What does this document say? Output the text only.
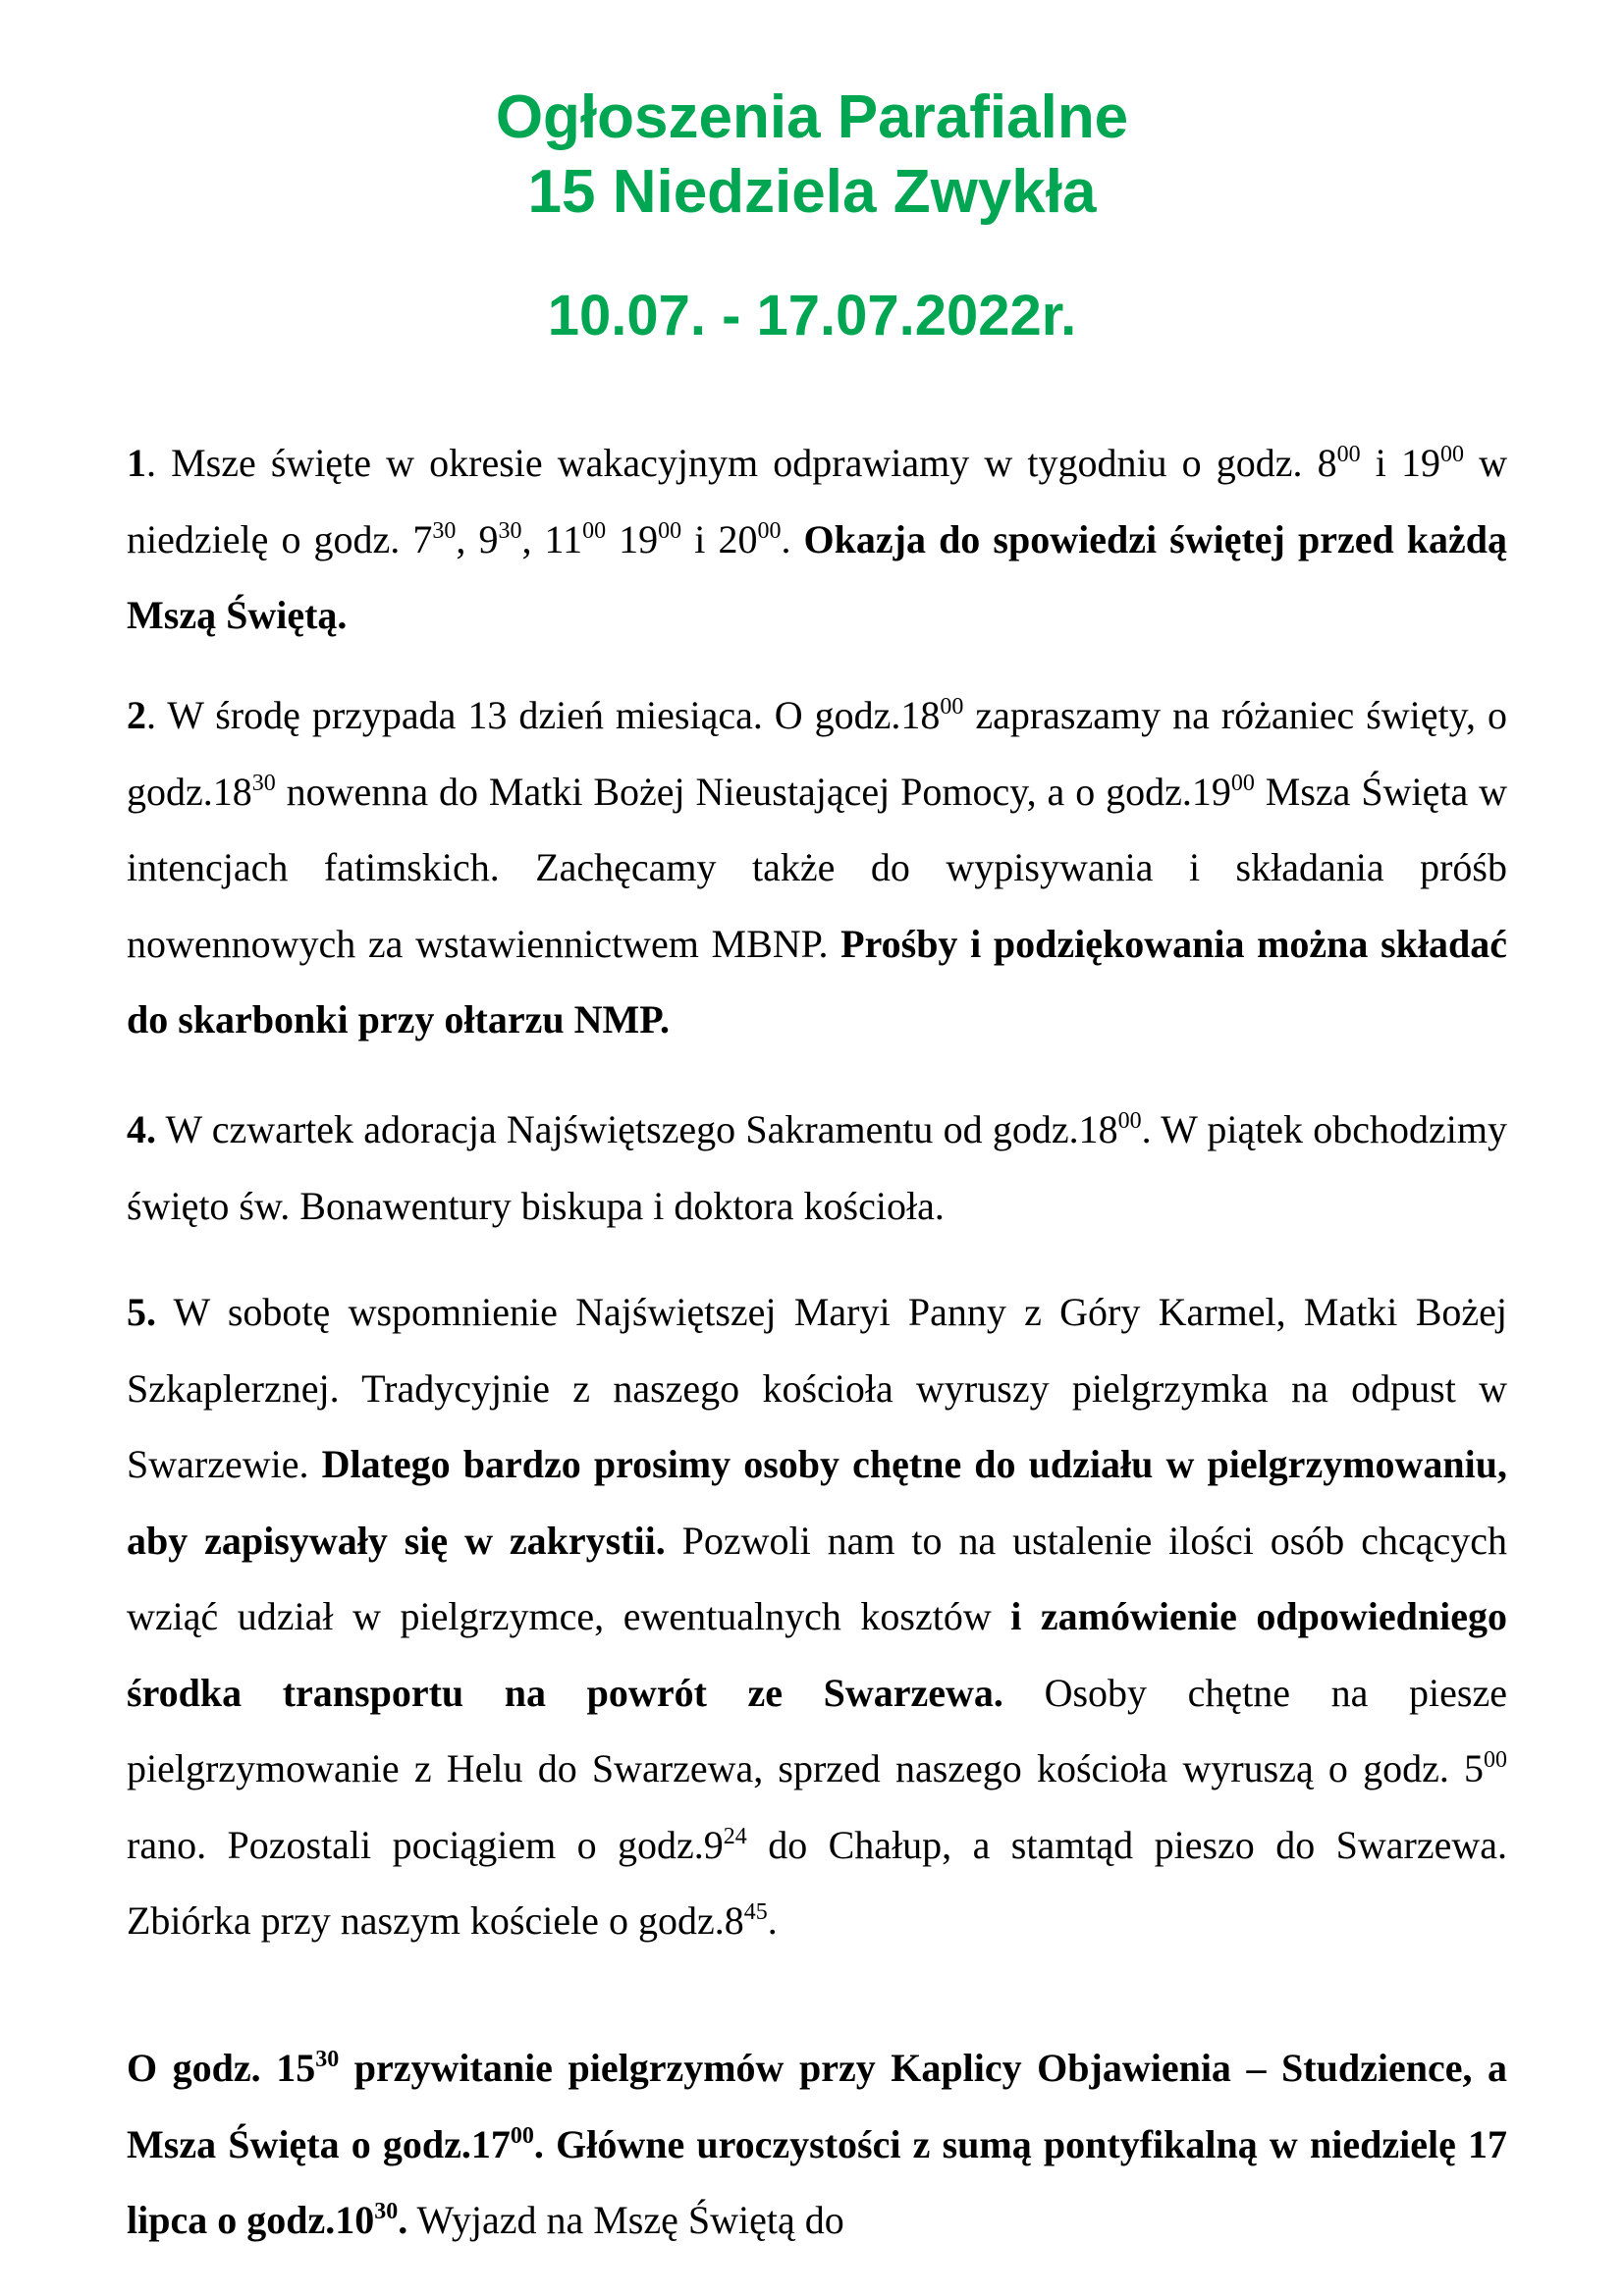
Ogłoszenia Parafialne
15 Niedziela Zwykła
10.07. - 17.07.2022r.

1. Msze święte w okresie wakacyjnym odprawiamy w tygodniu o godz. $8^{00}$ i $19^{00}$ w niedzielę o godz. $7^{30}$, $9^{30}$, $11^{00}$ $19^{00}$ i $20^{00}$. Okazja do spowiedzi świętej przed każdą Mszą Świętą.

2. W środę przypada 13 dzień miesiąca. O $godz.18^{00}$ zapraszamy na różaniec święty, o $godz.18^{30}$ nowenna do Matki Bożej Nieustającej Pomocy, a o $godz.19^{00}$ Msza Święta w intencjach fatimskich. Zachęcamy także do wypisywania i składania próśb nowennowych za wstawiennictwem MBNP. Prośby i podziękowania można składać do skarbonki przy ołtarzu NMP.

4. W czwartek adoracja Najświętszego Sakramentu od $godz.18^{00}$. W piątek obchodzimy święto św. Bonawentury biskupa i doktora kościoła.

5. W sobotę wspomnienie Najświętszej Maryi Panny z Góry Karmel, Matki Bożej Szkaplerznej. Tradycyjnie z naszego kościoła wyruszy pielgrzymka na odpust w Swarzewie. Dlatego bardzo prosimy osoby chętne do udziału w pielgrzymowaniu, aby zapisywały się w zakrystii. Pozwoli nam to na ustalenie ilości osób chcących wziąć udział w pielgrzymce, ewentualnych kosztów i zamówienie odpowiedniego środka transportu na powrót ze Swarzewa. Osoby chętne na piesze pielgrzymowanie z Helu do Swarzewa, sprzed naszego kościoła wyruszą o godz. $5^{00}$ rano. Pozostali pociągiem o $godz.9^{24}$ do Chałup, a stamtąd pieszo do Swarzewa. Zbiórka przy naszym kościele o $godz.8^{45}$.

O godz. $15^{30}$ przywitanie pielgrzymów przy Kaplicy Objawienia – Studzience, a Msza Święta o $godz.17^{00}$. Główne uroczystości z sumą pontyfikalną w niedzielę 17 lipca o $godz.10^{30}$. Wyjazd na Mszę Świętą do
